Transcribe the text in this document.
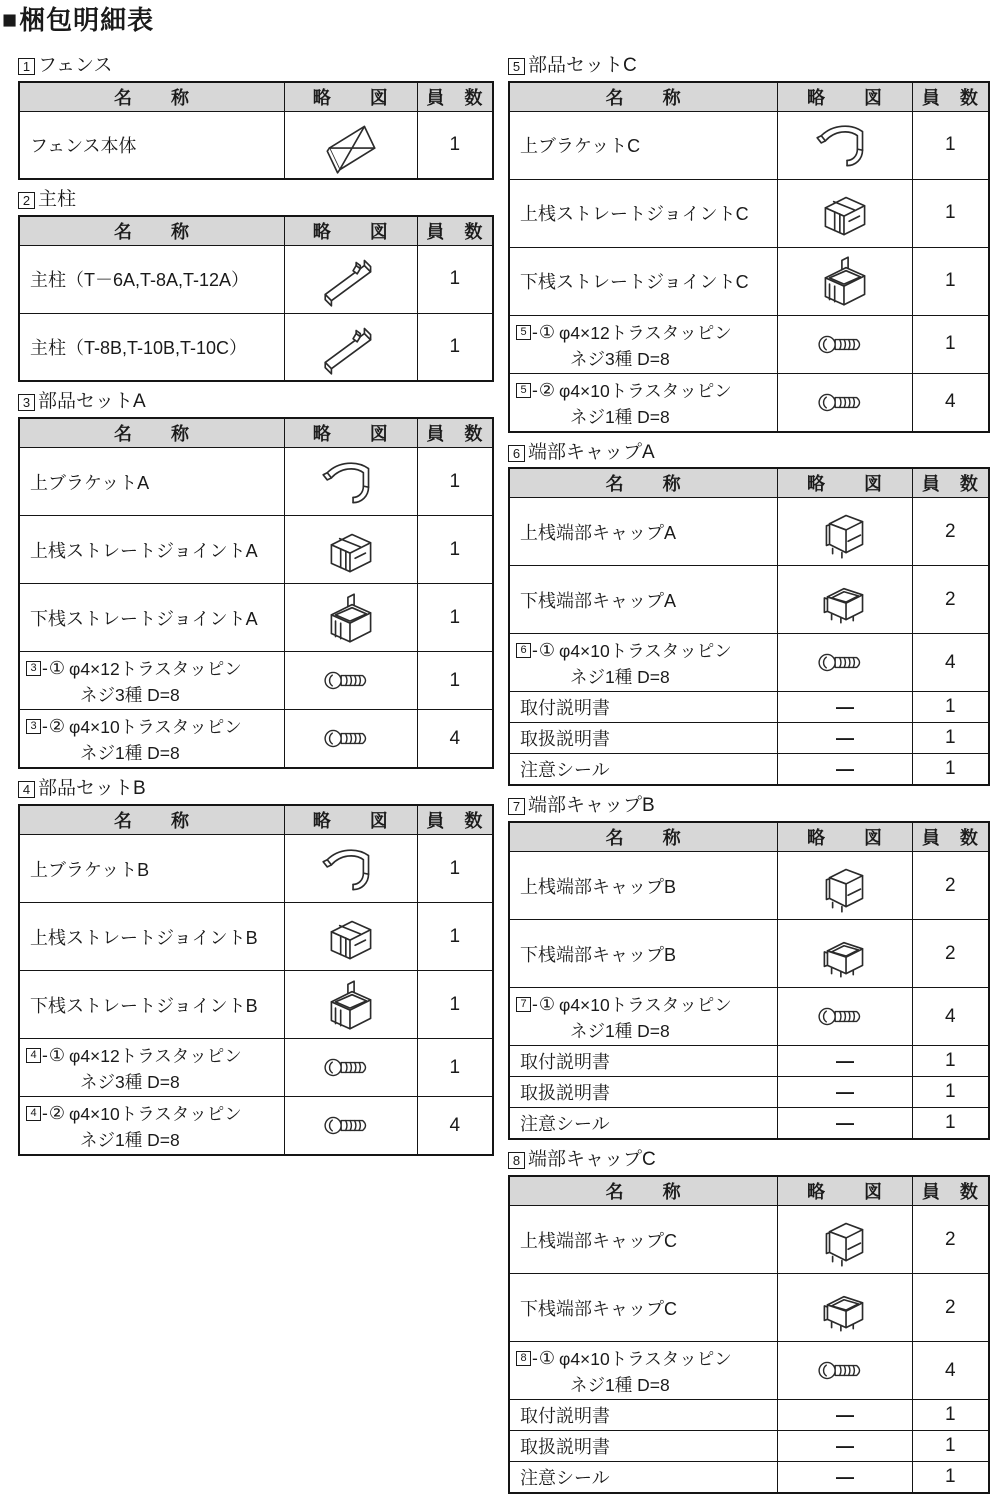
■ 梱包明細表
1 フェンス
名　　称	略　　図	員　数
フェンス本体		1
2 主柱
名　　称	略　　図	員　数
主柱（T－6A,T-8A,T-12A）		1
主柱（T-8B,T-10B,T-10C）		1
3 部品セットA
名　　称	略　　図	員　数
上ブラケットA		1
上桟ストレートジョイントA		1
下桟ストレートジョイントA		1

3 - ① φ4×12トラスタッピン
ネジ3種 D=8		1

3 - ② φ4×10トラスタッピン
ネジ1種 D=8		4
4 部品セットB
名　　称	略　　図	員　数
上ブラケットB		1
上桟ストレートジョイントB		1
下桟ストレートジョイントB		1

4 - ① φ4×12トラスタッピン
ネジ3種 D=8		1

4 - ② φ4×10トラスタッピン
ネジ1種 D=8		4
5 部品セットC
名　　称	略　　図	員　数
上ブラケットC		1
上桟ストレートジョイントC		1
下桟ストレートジョイントC		1

5 - ① φ4×12トラスタッピン
ネジ3種 D=8		1

5 - ② φ4×10トラスタッピン
ネジ1種 D=8		4
6 端部キャップA
名　　称	略　　図	員　数
上桟端部キャップA		2
下桟端部キャップA		2

6 - ① φ4×10トラスタッピン
ネジ1種 D=8		4
取付説明書	—	1
取扱説明書	—	1
注意シール	—	1
7 端部キャップB
名　　称	略　　図	員　数
上桟端部キャップB		2
下桟端部キャップB		2

7 - ① φ4×10トラスタッピン
ネジ1種 D=8		4
取付説明書	—	1
取扱説明書	—	1
注意シール	—	1
8 端部キャップC
名　　称	略　　図	員　数
上桟端部キャップC		2
下桟端部キャップC		2

8 - ① φ4×10トラスタッピン
ネジ1種 D=8		4
取付説明書	—	1
取扱説明書	—	1
注意シール	—	1
